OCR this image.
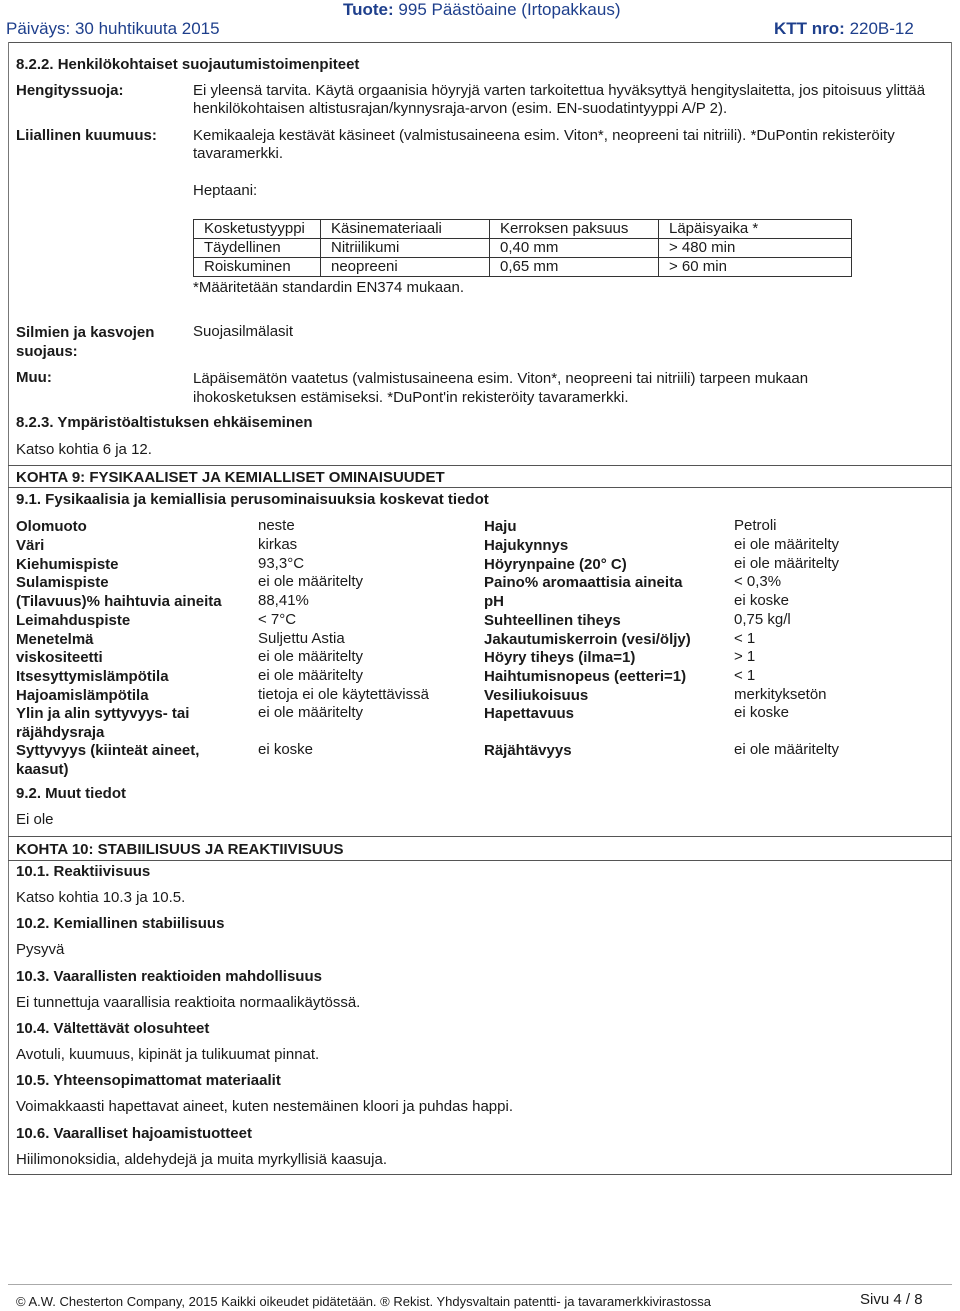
Päiväys: 30 huhtikuuta 2015
Tuote: 995 Päästöaine (Irtopakkaus)
KTT nro: 220B-12
8.2.2. Henkilökohtaiset suojautumistoimenpiteet
Hengityssuoja:	Ei yleensä tarvita. Käytä orgaanisia höyryjä varten tarkoitettua hyväksyttyä hengityslaitetta, jos pitoisuus ylittää henkilökohtaisen altistusrajan/kynnysraja-arvon (esim. EN-suodatintyyppi A/P 2).
Liiallinen kuumuus: Kemikaaleja kestävät käsineet (valmistusaineena esim. Viton*, neopreeni tai nitriili). *DuPontin rekisteröity tavaramerkki.
Heptaani:
Kosketustyyppi	Käsinemateriaali	Kerroksen paksuus	Läpäisyaika *
Täydellinen	Nitriilikumi	0,40 mm	> 480 min
Roiskuminen	neopreeni	0,65 mm	> 60 min
*Määritetään standardin EN374 mukaan.
Silmien ja kasvojen suojaus:
Suojasilmälasit
Muu:	Läpäisemätön vaatetus (valmistusaineena esim. Viton*, neopreeni tai nitriili) tarpeen mukaan ihokosketuksen estämiseksi. *DuPont'in rekisteröity tavaramerkki.
8.2.3. Ympäristöaltistuksen ehkäiseminen
Katso kohtia 6 ja 12.
KOHTA 9: FYSIKAALISET JA KEMIALLISET OMINAISUUDET
9.1. Fysikaalisia ja kemiallisia perusominaisuuksia koskevat tiedot
Olomuoto	neste
Väri	kirkas
Kiehumispiste	93,3°C
Sulamispiste	ei ole määritelty
(Tilavuus)% haihtuvia aineita	88,41%
Leimahduspiste	< 7°C
Menetelmä	Suljettu Astia
viskositeetti	ei ole määritelty
Itsesyttymislämpötila	ei ole määritelty
Hajoamislämpötila	tietoja ei ole käytettävissä
Ylin ja alin syttyvyys- tai räjähdysraja
ei ole määritelty
Syttyvyys (kiinteät aineet, kaasut)
ei koske
Haju	Petroli
Hajukynnys	ei ole määritelty
Höyrynpaine (20° C)	ei ole määritelty
Paino% aromaattisia aineita	< 0,3%
pH	ei koske
Suhteellinen tiheys	0,75 kg/l
Jakautumiskerroin (vesi/öljy)	< 1
Höyry tiheys (ilma=1)	> 1
Haihtumisnopeus (eetteri=1)	< 1
Vesiliukoisuus	merkityksetön
Hapettavuus	ei koske
Räjähtävyys	ei ole määritelty
9.2. Muut tiedot
Ei ole
KOHTA 10: STABIILISUUS JA REAKTIIVISUUS
10.1. Reaktiivisuus
Katso kohtia 10.3 ja 10.5.
10.2. Kemiallinen stabiilisuus
Pysyvä
10.3. Vaarallisten reaktioiden mahdollisuus
Ei tunnettuja vaarallisia reaktioita normaalikäytössä.
10.4. Vältettävät olosuhteet
Avotuli, kuumuus, kipinät ja tulikuumat pinnat.
10.5. Yhteensopimattomat materiaalit
Voimakkaasti hapettavat aineet, kuten nestemäinen kloori ja puhdas happi.
10.6. Vaaralliset hajoamistuotteet
Hiilimonoksidia, aldehydejä ja muita myrkyllisiä kaasuja.
© A.W. Chesterton Company, 2015 Kaikki oikeudet pidätetään. ® Rekist. Yhdysvaltain patentti- ja tavaramerkkivirastossa	Sivu 4 / 8
